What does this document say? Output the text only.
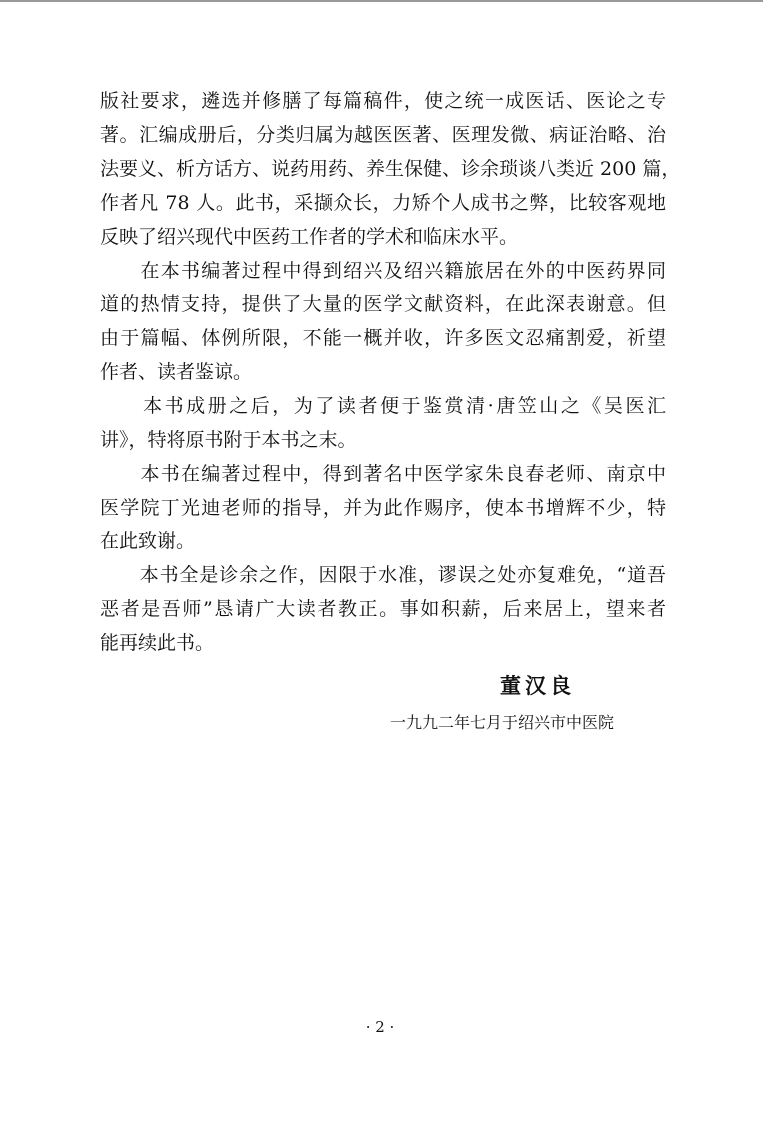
版社要求，遴选并修膳了每篇稿件，使之统一成医话、医论之专
著。汇编成册后，分类归属为越医医著、医理发微、病证治略、治
法要义、析方话方、说药用药、养生保健、诊余琐谈八类近 200 篇，
作者凡 78 人。此书，采撷众长，力矫个人成书之弊，比较客观地
反映了绍兴现代中医药工作者的学术和临床水平。
　　在本书编著过程中得到绍兴及绍兴籍旅居在外的中医药界同
道的热情支持，提供了大量的医学文献资料，在此深表谢意。但
由于篇幅、体例所限，不能一概并收，许多医文忍痛割爱，祈望
作者、读者鉴谅。
　　本书成册之后，为了读者便于鉴赏清·唐笠山之《吴医汇
讲》，特将原书附于本书之末。
　　本书在编著过程中，得到著名中医学家朱良春老师、南京中
医学院丁光迪老师的指导，并为此作赐序，使本书增辉不少，特
在此致谢。
　　本书全是诊余之作，因限于水准，谬误之处亦复难免，“道吾
恶者是吾师”恳请广大读者教正。事如积薪，后来居上，望来者
能再续此书。
董汉良
一九九二年七月于绍兴市中医院
· 2 ·
